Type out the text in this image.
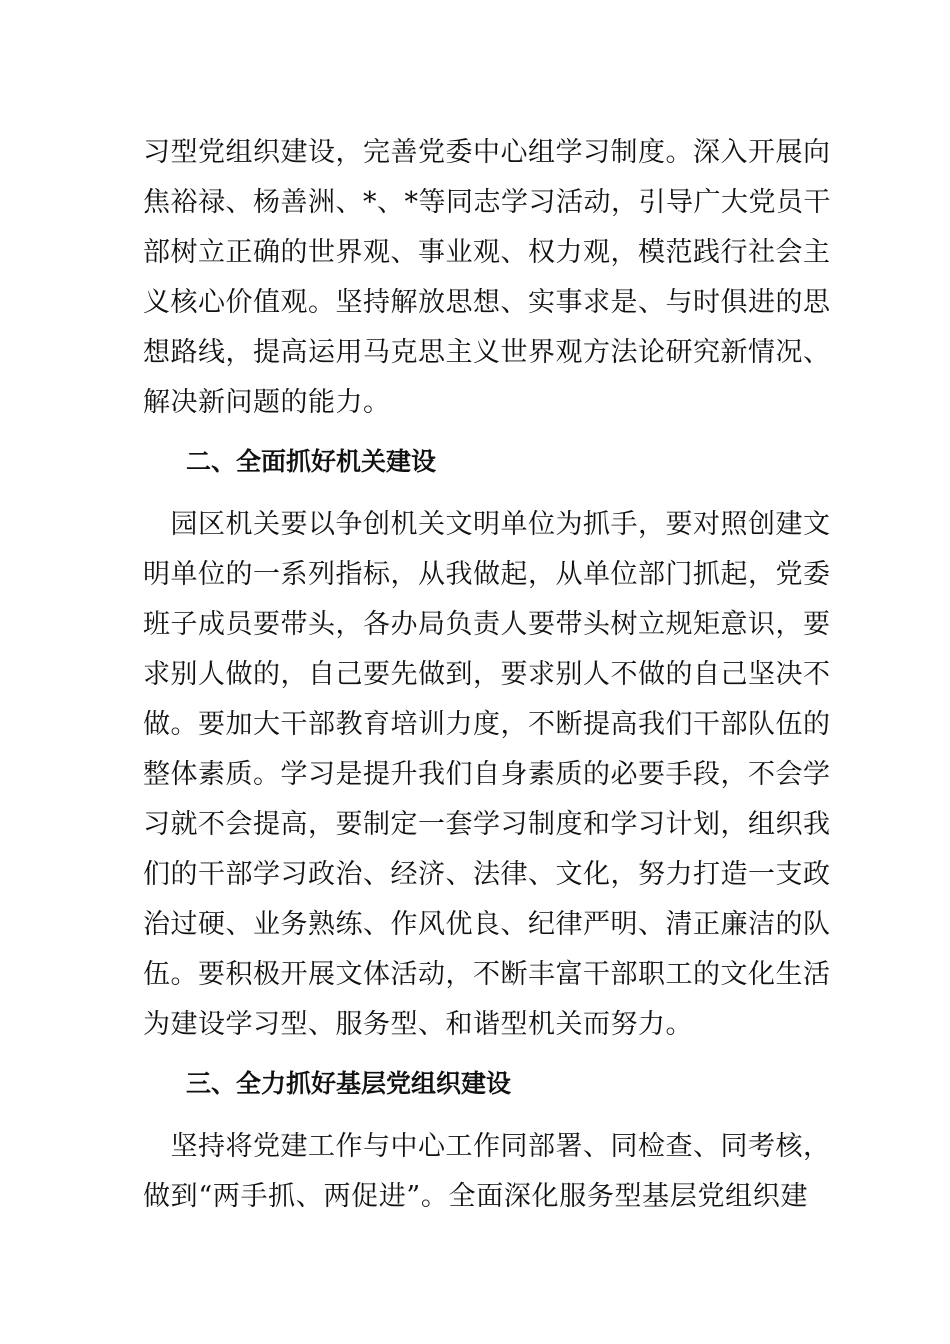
习型党组织建设，完善党委中心组学习制度。深入开展向
焦裕禄、杨善洲、*、*等同志学习活动，引导广大党员干
部树立正确的世界观、事业观、权力观，模范践行社会主
义核心价值观。坚持解放思想、实事求是、与时俱进的思
想路线，提高运用马克思主义世界观方法论研究新情况、
解决新问题的能力。
二、全面抓好机关建设
　园区机关要以争创机关文明单位为抓手，要对照创建文
明单位的一系列指标，从我做起，从单位部门抓起，党委
班子成员要带头，各办局负责人要带头树立规矩意识，要
求别人做的，自己要先做到，要求别人不做的自己坚决不
做。要加大干部教育培训力度，不断提高我们干部队伍的
整体素质。学习是提升我们自身素质的必要手段，不会学
习就不会提高，要制定一套学习制度和学习计划，组织我
们的干部学习政治、经济、法律、文化，努力打造一支政
治过硬、业务熟练、作风优良、纪律严明、清正廉洁的队
伍。要积极开展文体活动，不断丰富干部职工的文化生活
为建设学习型、服务型、和谐型机关而努力。
三、全力抓好基层党组织建设
　坚持将党建工作与中心工作同部署、同检查、同考核，
做到“两手抓、两促进”。全面深化服务型基层党组织建
